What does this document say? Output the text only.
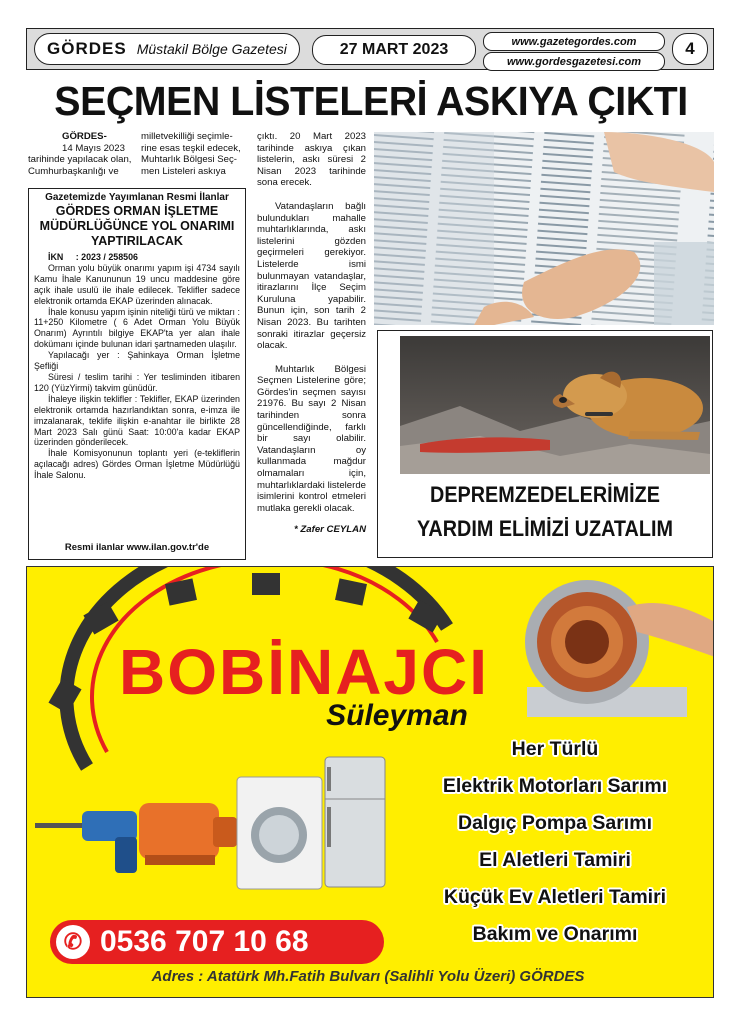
GÖRDES Müstakil Bölge Gazetesi	27 MART 2023	www.gazetegordes.com
www.gordesgazetesi.com
4
SEÇMEN LİSTELERİ ASKIYA ÇIKTI

GÖRDES-

14 Mayıs 2023

tarihinde yapılacak olan,

Cumhurbaşkanlığı ve

milletvekilliği seçimle-

rine esas teşkil edecek,

Muhtarlık Bölgesi Seç-

men Listeleri askıya

çıktı. 20 Mart 2023 tarihinde askıya çıkan listelerin, askı süresi 2 Nisan 2023 tarihinde sona erecek.

Vatandaşların bağlı bulundukları mahalle muhtarlıklarında, askı listelerini gözden geçirmeleri gerekiyor. Listelerde ismi bulunmayan vatandaşlar, itirazlarını İlçe Seçim Kuruluna yapabilir. Bunun için, son tarih 2 Nisan 2023. Bu tarihten sonraki itirazlar geçersiz olacak.

Muhtarlık Bölgesi Seçmen Listelerine göre; Gördes'in seçmen sayısı 21976. Bu sayı 2 Nisan tarihinden sonra güncellendiğinde, farklı bir sayı olabilir. Vatandaşların oy kullanmada mağdur olmamaları için, muhtarlıklardaki listelerde isimlerini kontrol etmeleri mutlaka gerekli olacak.

* Zafer CEYLAN

Gazetemizde Yayımlanan Resmi İlanlar
GÖRDES ORMAN İŞLETME MÜDÜRLÜĞÜNCE YOL ONARIMI YAPTIRILACAK

İKN : 2023 / 258506

Orman yolu büyük onarımı yapım işi 4734 sayılı Kamu İhale Kanununun 19 uncu maddesine göre açık ihale usulü ile ihale edilecek. Teklifler sadece elektronik ortamda EKAP üzerinden alınacak.

İhale konusu yapım işinin niteliği türü ve miktarı : 11+250 Kilometre ( 6 Adet Orman Yolu Büyük Onarım) Ayrıntılı bilgiye EKAP'ta yer alan ihale dokümanı içinde bulunan idari şartnameden ulaşılır.

Yapılacağı yer : Şahinkaya Orman İşletme Şefliği

Süresi / teslim tarihi : Yer tesliminden itibaren 120 (YüzYirmi) takvim günüdür.

İhaleye ilişkin teklifler : Teklifler, EKAP üzerinden elektronik ortamda hazırlandıktan sonra, e-imza ile imzalanarak, teklife ilişkin e-anahtar ile birlikte 28 Mart 2023 Salı günü Saat: 10:00'a kadar EKAP üzerinden gönderilecek.

İhale Komisyonunun toplantı yeri (e-tekliflerin açılacağı adres) Gördes Orman İşletme Müdürlüğü İhale Salonu.

Resmi ilanlar www.ilan.gov.tr'de
DEPREMZEDELERİMİZE
YARDIM ELİMİZİ UZATALIM
BOBİNAJCI
Süleyman
Her Türlü
Elektrik Motorları Sarımı
Dalgıç Pompa Sarımı
El Aletleri Tamiri
Küçük Ev Aletleri Tamiri
Bakım ve Onarımı
✆ 0536 707 10 68
Adres : Atatürk Mh.Fatih Bulvarı (Salihli Yolu Üzeri) GÖRDES
